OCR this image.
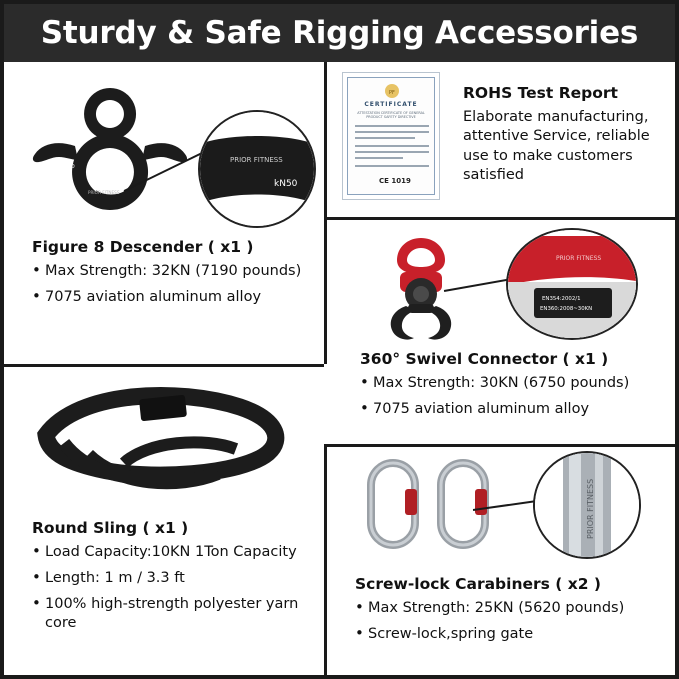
Sturdy & Safe Rigging Accessories
KN50
32
PRIOR FITNESS
PRIOR FITNESS
kN50
Figure 8 Descender ( x1 )
• Max Strength: 32KN (7190 pounds)
• 7075 aviation aluminum alloy
PF
CERTIFICATE
ATTESTATION CERTIFICATE OF GENERAL PRODUCT SAFETY DIRECTIVE
CE 1019
ROHS Test Report
Elaborate manufacturing, attentive Service, reliable use to make customers satisfied
PRIOR FITNESS
EN354:2002/1
EN360:2008~30KN
360° Swivel Connector ( x1 )
• Max Strength: 30KN (6750 pounds)
• 7075 aviation aluminum alloy
Round Sling ( x1 )
• Load Capacity:10KN 1Ton Capacity
• Length: 1 m / 3.3 ft
• 100% high-strength polyester yarn core
PRIOR FITNESS
Screw-lock Carabiners ( x2 )
• Max Strength: 25KN (5620 pounds)
• Screw-lock,spring gate
